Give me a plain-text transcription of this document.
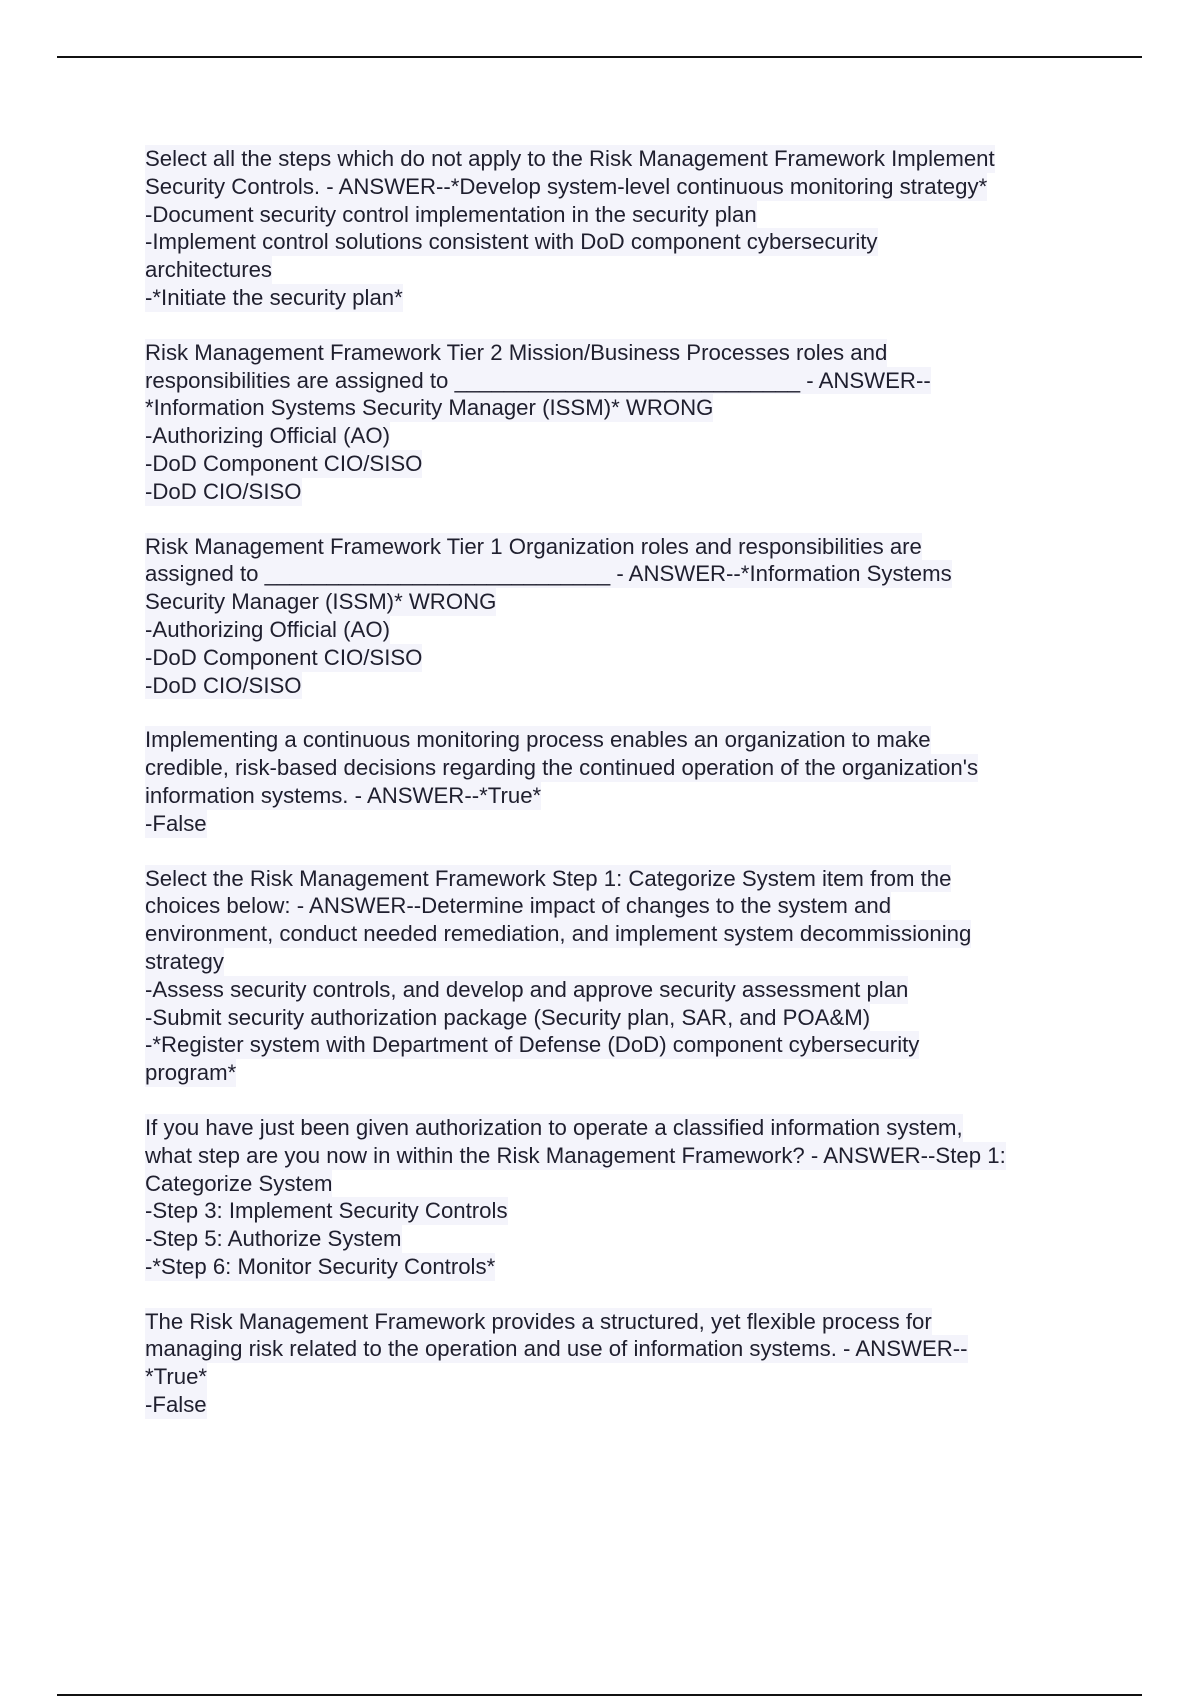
Select all the steps which do not apply to the Risk Management Framework Implement
Security Controls. - ANSWER--*Develop system-level continuous monitoring strategy*
-Document security control implementation in the security plan
-Implement control solutions consistent with DoD component cybersecurity
architectures
-*Initiate the security plan*
Risk Management Framework Tier 2 Mission/Business Processes roles and
responsibilities are assigned to ____________________________ - ANSWER--
*Information Systems Security Manager (ISSM)* WRONG
-Authorizing Official (AO)
-DoD Component CIO/SISO
-DoD CIO/SISO
Risk Management Framework Tier 1 Organization roles and responsibilities are
assigned to ____________________________ - ANSWER--*Information Systems
Security Manager (ISSM)* WRONG
-Authorizing Official (AO)
-DoD Component CIO/SISO
-DoD CIO/SISO
Implementing a continuous monitoring process enables an organization to make
credible, risk-based decisions regarding the continued operation of the organization's
information systems. - ANSWER--*True*
-False
Select the Risk Management Framework Step 1: Categorize System item from the
choices below: - ANSWER--Determine impact of changes to the system and
environment, conduct needed remediation, and implement system decommissioning
strategy
-Assess security controls, and develop and approve security assessment plan
-Submit security authorization package (Security plan, SAR, and POA&M)
-*Register system with Department of Defense (DoD) component cybersecurity
program*
If you have just been given authorization to operate a classified information system,
what step are you now in within the Risk Management Framework? - ANSWER--Step 1:
Categorize System
-Step 3: Implement Security Controls
-Step 5: Authorize System
-*Step 6: Monitor Security Controls*
The Risk Management Framework provides a structured, yet flexible process for
managing risk related to the operation and use of information systems. - ANSWER--
*True*
-False
